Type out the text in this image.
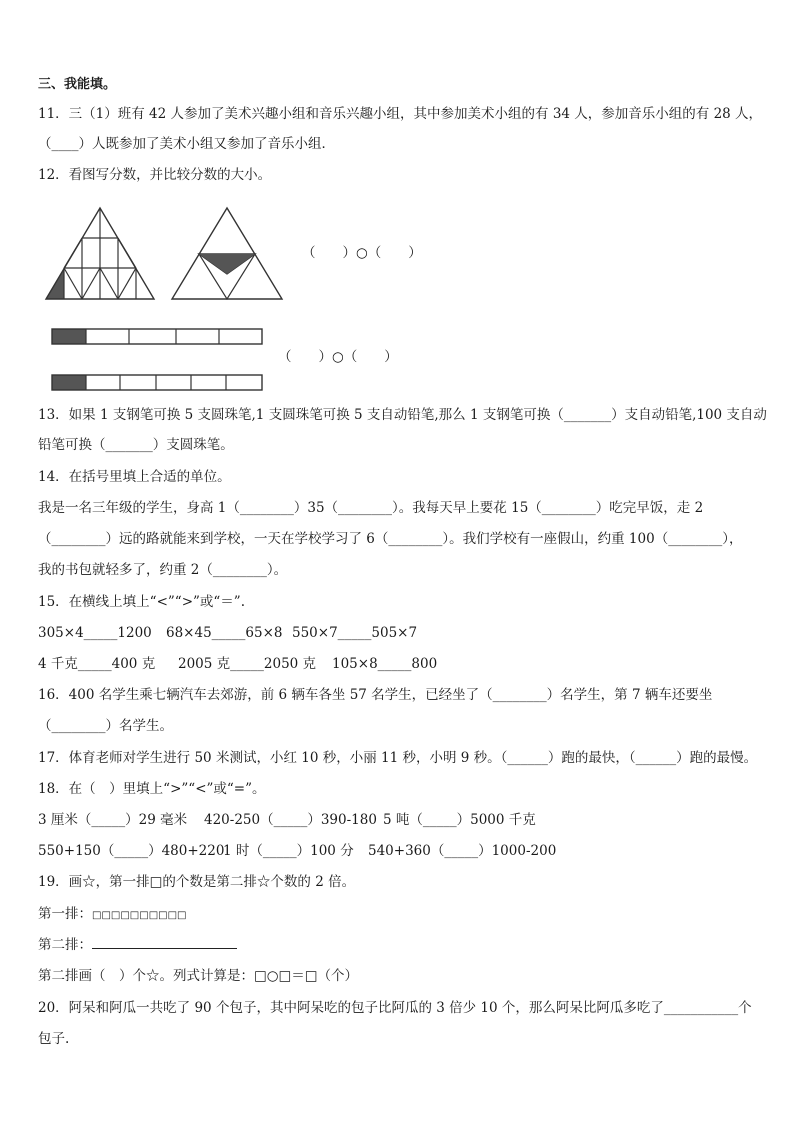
三、我能填。
11．三（1）班有 42 人参加了美术兴趣小组和音乐兴趣小组，其中参加美术小组的有 34 人，参加音乐小组的有 28 人，
（____）人既参加了美术小组又参加了音乐小组．
12．看图写分数，并比较分数的大小。
（　　）○（　　）
（　　）○（　　）
13．如果 1 支钢笔可换 5 支圆珠笔,1 支圆珠笔可换 5 支自动铅笔,那么 1 支钢笔可换（_______）支自动铅笔,100 支自动
铅笔可换（_______）支圆珠笔。
14．在括号里填上合适的单位。
我是一名三年级的学生，身高 1（________）35（________）。我每天早上要花 15（________）吃完早饭，走 2
（________）远的路就能来到学校，一天在学校学习了 6（________）。我们学校有一座假山，约重 100（________），
我的书包就轻多了，约重 2（________）。
15．在横线上填上“<”“>”或“＝”.
305×4_____1200 68×45_____65×8 550×7_____505×7
4 千克_____400 克 2005 克_____2050 克 105×8_____800
16．400 名学生乘七辆汽车去郊游，前 6 辆车各坐 57 名学生，已经坐了（________）名学生，第 7 辆车还要坐
（________）名学生。
17．体育老师对学生进行 50 米测试，小红 10 秒，小丽 11 秒，小明 9 秒。（______）跑的最快，（______）跑的最慢。
18．在（　）里填上“>”“<”或“=”。
3 厘米（_____）29 毫米 420-250（_____）390-180 5 吨（_____）5000 千克
550+150（_____）480+220
1 时（_____）100 分 540+360（_____）1000-200
19．画☆，第一排□的个数是第二排☆个数的 2 倍。
第一排：□□□□□□□□□□
第二排：
第二排画（　）个☆。列式计算是：□○□＝□（个）
20．阿呆和阿瓜一共吃了 90 个包子，其中阿呆吃的包子比阿瓜的 3 倍少 10 个，那么阿呆比阿瓜多吃了___________个
包子.
